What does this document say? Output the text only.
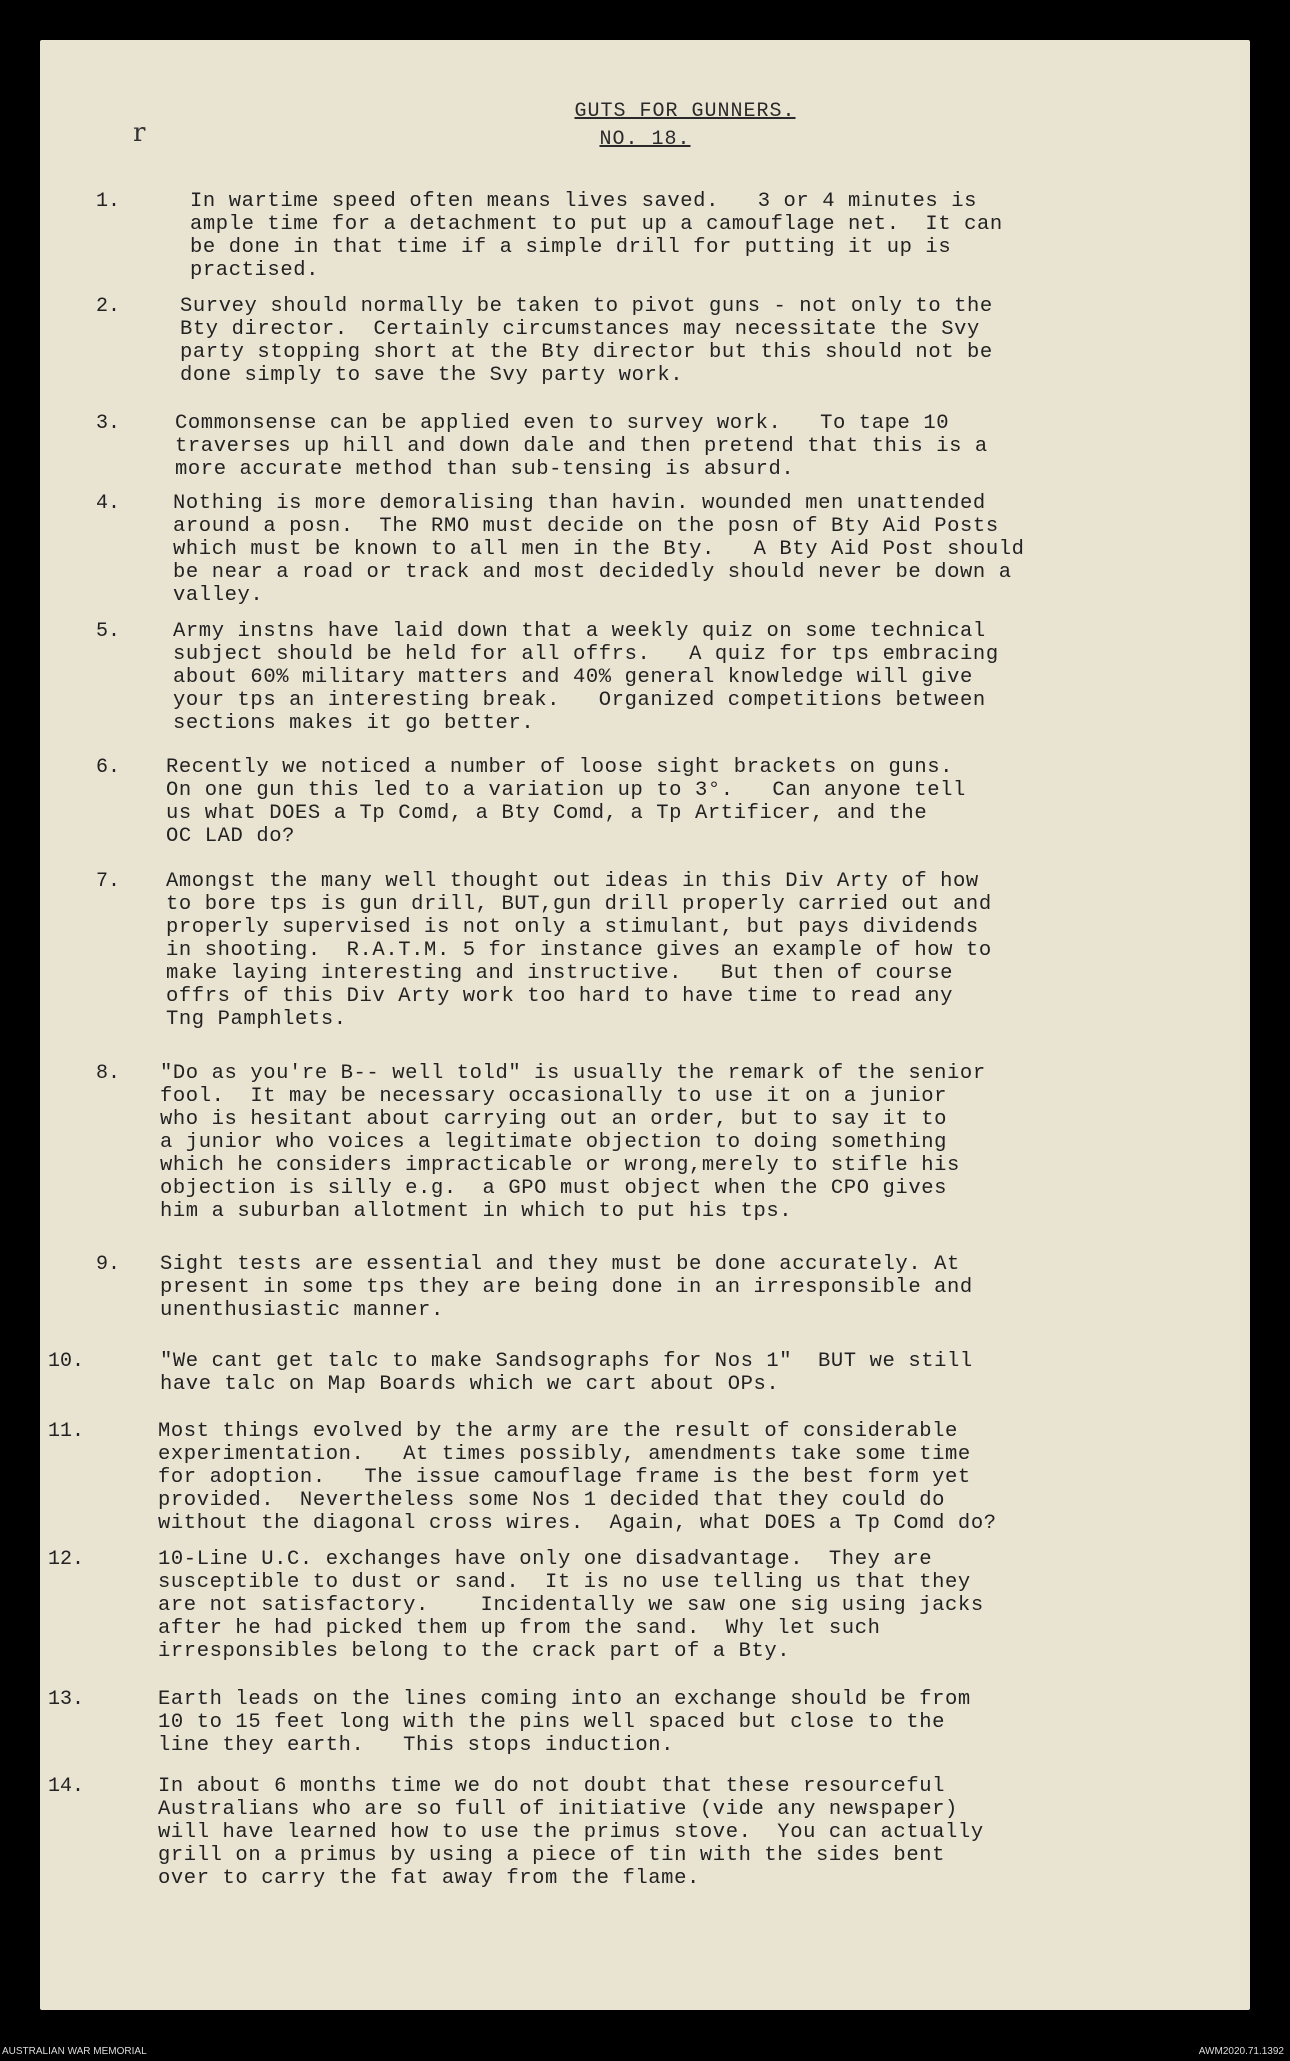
r
GUTS FOR GUNNERS.
NO. 18.
1.	In wartime speed often means lives saved.   3 or 4 minutes is
ample time for a detachment to put up a camouflage net.  It can
be done in that time if a simple drill for putting it up is
practised.
2.	Survey should normally be taken to pivot guns - not only to the
Bty director.  Certainly circumstances may necessitate the Svy
party stopping short at the Bty director but this should not be
done simply to save the Svy party work.
3.	Commonsense can be applied even to survey work.   To tape 10
traverses up hill and down dale and then pretend that this is a
more accurate method than sub-tensing is absurd.
4.	Nothing is more demoralising than havin. wounded men unattended
around a posn.  The RMO must decide on the posn of Bty Aid Posts
which must be known to all men in the Bty.   A Bty Aid Post should
be near a road or track and most decidedly should never be down a
valley.
5.	Army instns have laid down that a weekly quiz on some technical
subject should be held for all offrs.   A quiz for tps embracing
about 60% military matters and 40% general knowledge will give
your tps an interesting break.   Organized competitions between
sections makes it go better.
6. Recently we noticed a number of loose sight brackets on guns.
On one gun this led to a variation up to 3°.   Can anyone tell
us what DOES a Tp Comd, a Bty Comd, a Tp Artificer, and the
OC LAD do?
7. Amongst the many well thought out ideas in this Div Arty of how
to bore tps is gun drill, BUT,gun drill properly carried out and
properly supervised is not only a stimulant, but pays dividends
in shooting.  R.A.T.M. 5 for instance gives an example of how to
make laying interesting and instructive.   But then of course
offrs of this Div Arty work too hard to have time to read any
Tng Pamphlets.
8. "Do as you're B-- well told" is usually the remark of the senior
fool.  It may be necessary occasionally to use it on a junior
who is hesitant about carrying out an order, but to say it to
a junior who voices a legitimate objection to doing something
which he considers impracticable or wrong,merely to stifle his
objection is silly e.g.  a GPO must object when the CPO gives
him a suburban allotment in which to put his tps.
9. Sight tests are essential and they must be done accurately. At
present in some tps they are being done in an irresponsible and
unenthusiastic manner.
10.	"We cant get talc to make Sandsographs for Nos 1"  BUT we still
have talc on Map Boards which we cart about OPs.
11.	Most things evolved by the army are the result of considerable
experimentation.   At times possibly, amendments take some time
for adoption.   The issue camouflage frame is the best form yet
provided.  Nevertheless some Nos 1 decided that they could do
without the diagonal cross wires.  Again, what DOES a Tp Comd do?
12.	10-Line U.C. exchanges have only one disadvantage.  They are
susceptible to dust or sand.  It is no use telling us that they
are not satisfactory.    Incidentally we saw one sig using jacks
after he had picked them up from the sand.  Why let such
irresponsibles belong to the crack part of a Bty.
13.	Earth leads on the lines coming into an exchange should be from
10 to 15 feet long with the pins well spaced but close to the
line they earth.   This stops induction.
14.	In about 6 months time we do not doubt that these resourceful
Australians who are so full of initiative (vide any newspaper)
will have learned how to use the primus stove.  You can actually
grill on a primus by using a piece of tin with the sides bent
over to carry the fat away from the flame.
AUSTRALIAN WAR MEMORIAL	AWM2020.71.1392
